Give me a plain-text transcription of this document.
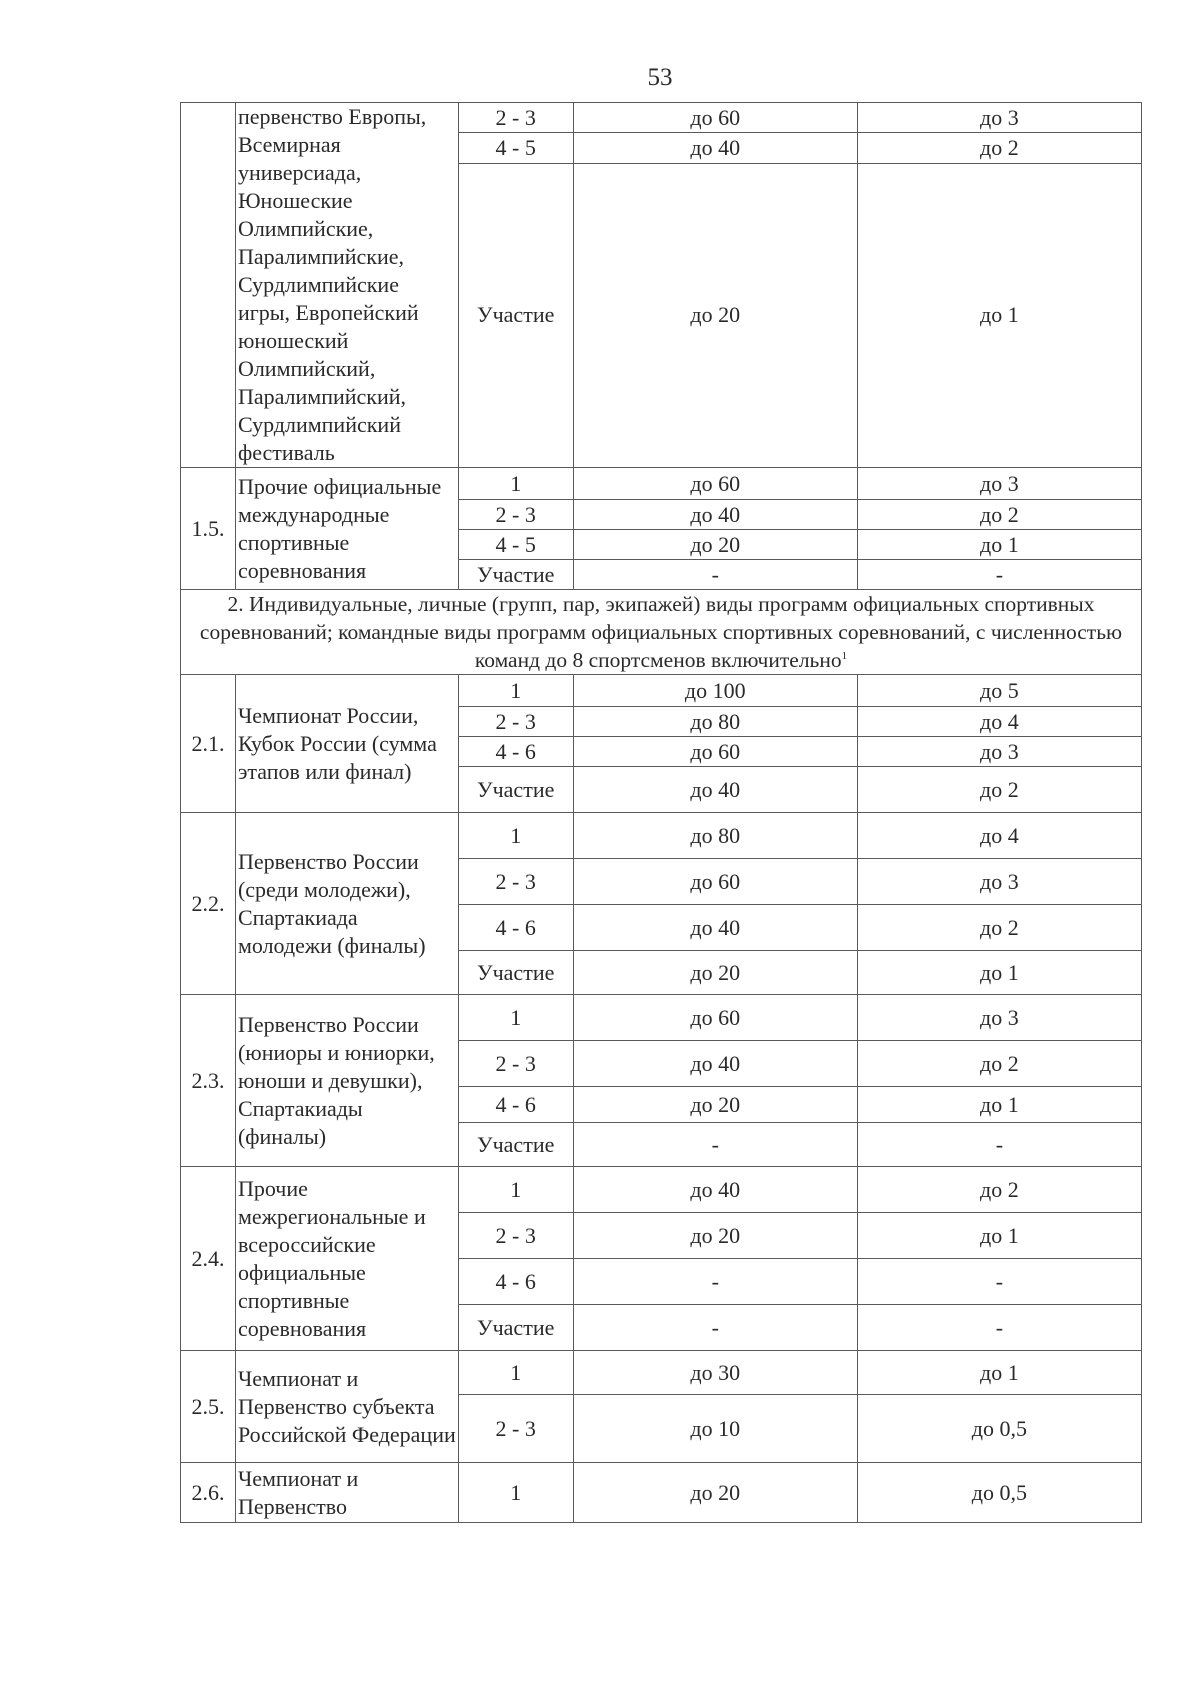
53
	первенство Европы, Всемирная универсиада, Юношеские Олимпийские, Паралимпийские, Сурдлимпийские игры, Европейский юношеский Олимпийский, Паралимпийский, Сурдлимпийский фестиваль	2 - 3	до 60	до 3
		4 - 5	до 40	до 2
		Участие	до 20	до 1
1.5.	Прочие официальные международные спортивные соревнования	1	до 60	до 3
		2 - 3	до 40	до 2
		4 - 5	до 20	до 1
		Участие	-	-
2. Индивидуальные, личные (групп, пар, экипажей) виды программ официальных спортивных соревнований; командные виды программ официальных спортивных соревнований, с численностью команд до 8 спортсменов включительно$^1$
2.1.	Чемпионат России, Кубок России (сумма этапов или финал)	1	до 100	до 5
		2 - 3	до 80	до 4
		4 - 6	до 60	до 3
		Участие	до 40	до 2
2.2.	Первенство России (среди молодежи), Спартакиада молодежи (финалы)	1	до 80	до 4
		2 - 3	до 60	до 3
		4 - 6	до 40	до 2
		Участие	до 20	до 1
2.3.	Первенство России (юниоры и юниорки, юноши и девушки), Спартакиады (финалы)	1	до 60	до 3
		2 - 3	до 40	до 2
		4 - 6	до 20	до 1
		Участие	-	-
2.4.	Прочие межрегиональные и всероссийские официальные спортивные соревнования	1	до 40	до 2
		2 - 3	до 20	до 1
		4 - 6	-	-
		Участие	-	-
2.5.	Чемпионат и Первенство субъекта Российской Федерации	1	до 30	до 1
		2 - 3	до 10	до 0,5
2.6.	Чемпионат и Первенство	1	до 20	до 0,5
